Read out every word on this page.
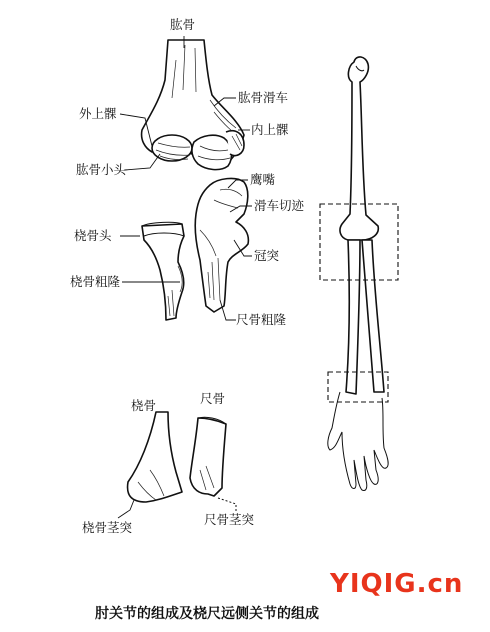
肱骨
外上髁
肱骨滑车
内上髁
肱骨小头
鹰嘴
滑车切迹
桡骨头
冠突
桡骨粗隆
尺骨粗隆
桡骨	尺骨
桡骨茎突
尺骨茎突
YIQIG.cn
肘关节的组成及桡尺远侧关节的组成
